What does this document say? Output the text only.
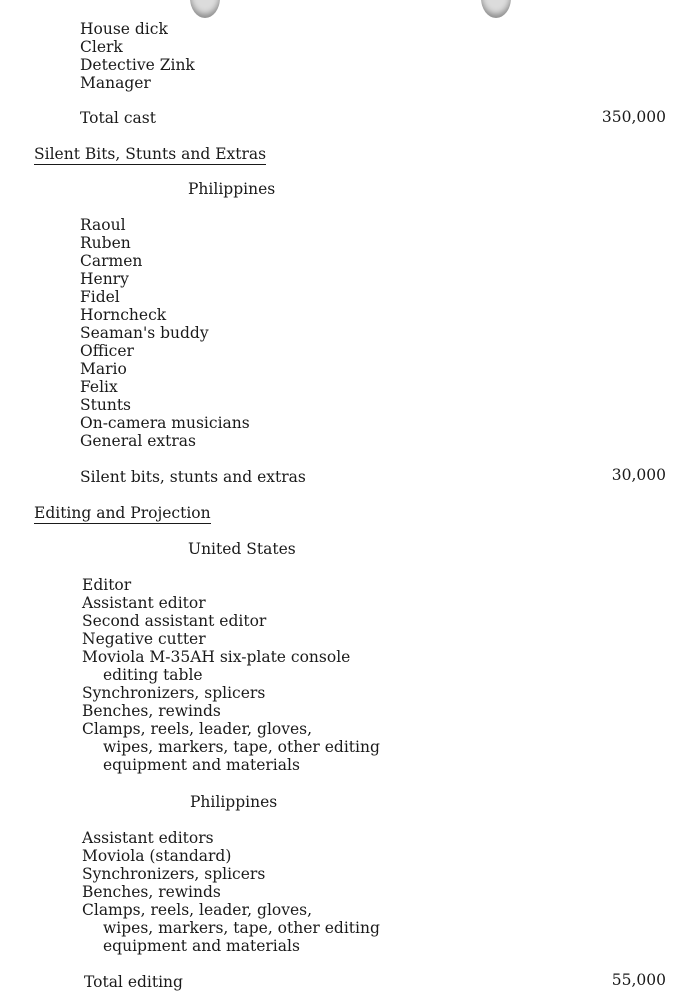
House dick
Clerk
Detective Zink
Manager
Total cast	350,000
Silent Bits, Stunts and Extras
Philippines
Raoul
Ruben
Carmen
Henry
Fidel
Horncheck
Seaman's buddy
Officer
Mario
Felix
Stunts
On-camera musicians
General extras
Silent bits, stunts and extras	30,000
Editing and Projection
United States
Editor
Assistant editor
Second assistant editor
Negative cutter
Moviola M-35AH six-plate console
editing table
Synchronizers, splicers
Benches, rewinds
Clamps, reels, leader, gloves,
wipes, markers, tape, other editing
equipment and materials
Philippines
Assistant editors
Moviola (standard)
Synchronizers, splicers
Benches, rewinds
Clamps, reels, leader, gloves,
wipes, markers, tape, other editing
equipment and materials
Total editing	55,000
